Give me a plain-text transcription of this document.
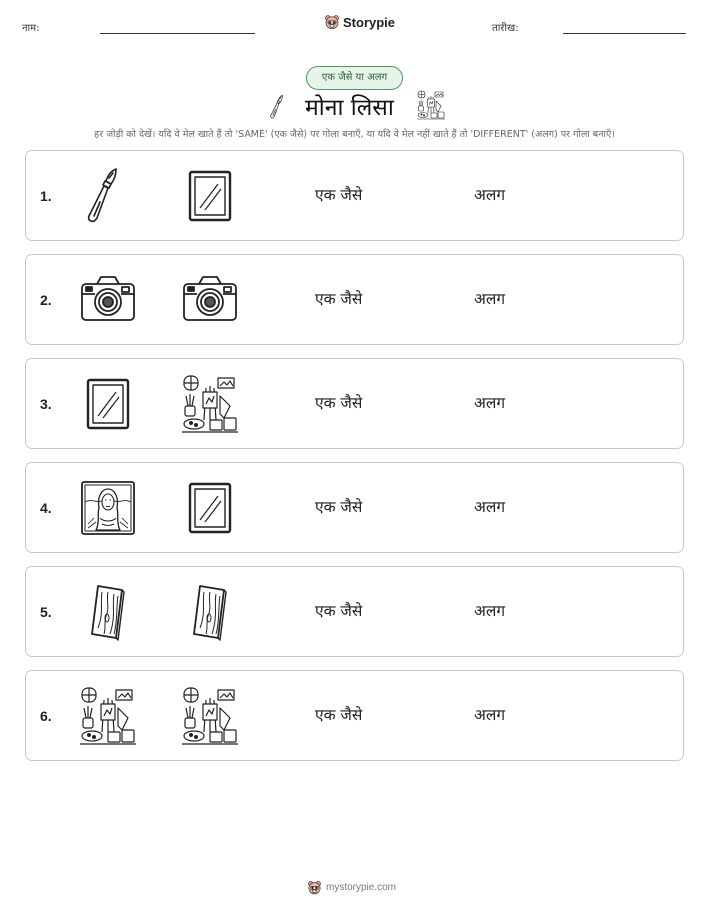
नाम:	Storypie	तारीख:
एक जैसे या अलग
मोना लिसा
हर जोड़ी को देखें। यदि वे मेल खाते हैं तो 'SAME' (एक जैसे) पर गोला बनाएँ, या यदि वे मेल नहीं खाते हैं तो 'DIFFERENT' (अलग) पर गोला बनाएँ।
1.	एक जैसे	अलग
2.	एक जैसे	अलग
3.	एक जैसे	अलग
4.	एक जैसे	अलग
5.	एक जैसे	अलग
6.	एक जैसे	अलग
mystorypie.com
